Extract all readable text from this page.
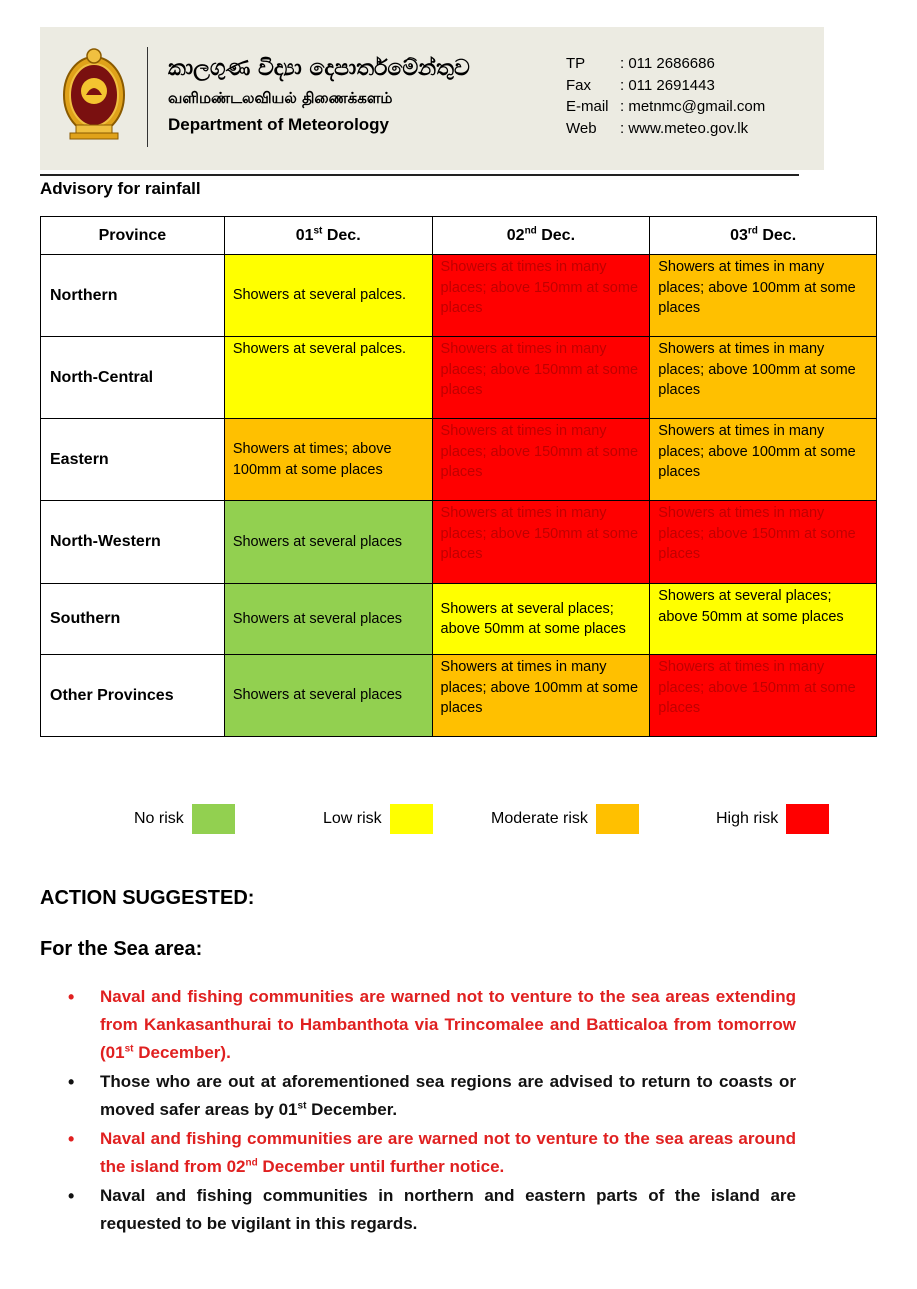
කාලගුණ විද්‍යා දෙපාර්තමේන්තුව
வளிமண்டலவியல் திணைக்களம்
Department of Meteorology
TP	: 011 2686686
Fax	: 011 2691443
E-mail : metnmc@gmail.com
Web	: www.meteo.gov.lk
Advisory for rainfall
Province	01st Dec.	02nd Dec.	03rd Dec.
Northern	Showers at several palces.	Showers at times in many places; above 150mm at some places	Showers at times in many places; above 100mm at some places
North-Central	Showers at several palces.	Showers at times in many places; above 150mm at some places	Showers at times in many places; above 100mm at some places
Eastern	Showers at times; above 100mm at some places	Showers at times in many places; above 150mm at some places	Showers at times in many places; above 100mm at some places
North-Western	Showers at several places	Showers at times in many places; above 150mm at some places	Showers at times in many places; above 150mm at some places
Southern	Showers at several places	Showers at several places; above 50mm at some places	Showers at several places; above 50mm at some places
Other Provinces	Showers at several places	Showers at times in many places; above 100mm at some places	Showers at times in many places; above 150mm at some places
No risk	Low risk	Moderate risk	High risk
ACTION SUGGESTED:
For the Sea area:
• Naval and fishing communities are warned not to venture to the sea areas extending from Kankasanthurai to Hambanthota via Trincomalee and Batticaloa from tomorrow (01st December).
• Those who are out at aforementioned sea regions are advised to return to coasts or moved safer areas by 01st December.
• Naval and fishing communities are are warned not to venture to the sea areas around the island from 02nd December until further notice.
• Naval and fishing communities in northern and eastern parts of the island are requested to be vigilant in this regards.
